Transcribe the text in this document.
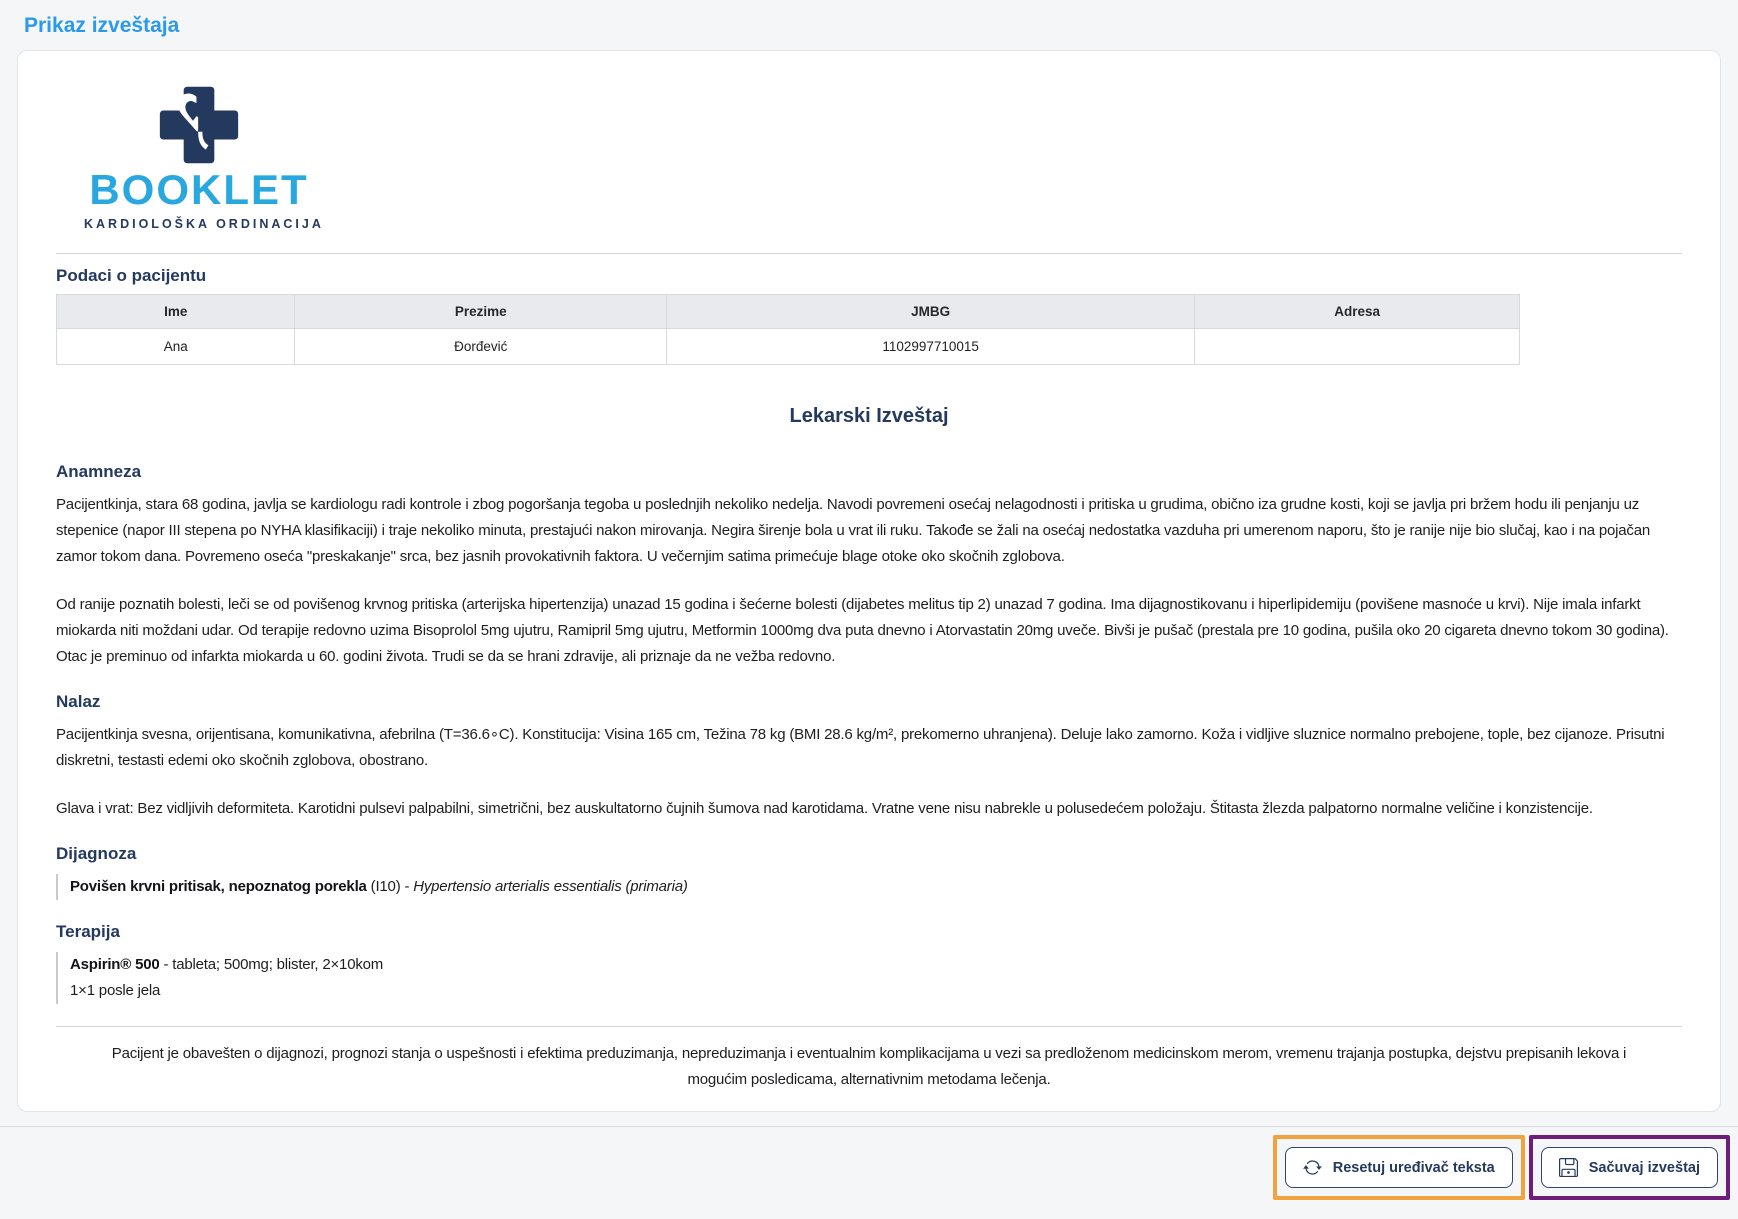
Prikaz izveštaja
BOOKLET
KARDIOLOŠKA ORDINACIJA
Podaci o pacijentu
Ime	Prezime	JMBG	Adresa
Ana	Đorđević	1102997710015	
Lekarski Izveštaj
Anamneza

Pacijentkinja, stara 68 godina, javlja se kardiologu radi kontrole i zbog pogoršanja tegoba u poslednjih nekoliko nedelja. Navodi povremeni osećaj nelagodnosti i pritiska u grudima, obično iza grudne kosti, koji se javlja pri bržem hodu ili penjanju uz stepenice (napor III stepena po NYHA klasifikaciji) i traje nekoliko minuta, prestajući nakon mirovanja. Negira širenje bola u vrat ili ruku. Takođe se žali na osećaj nedostatka vazduha pri umerenom naporu, što je ranije nije bio slučaj, kao i na pojačan zamor tokom dana. Povremeno oseća "preskakanje" srca, bez jasnih provokativnih faktora. U večernjim satima primećuje blage otoke oko skočnih zglobova.

Od ranije poznatih bolesti, leči se od povišenog krvnog pritiska (arterijska hipertenzija) unazad 15 godina i šećerne bolesti (dijabetes melitus tip 2) unazad 7 godina. Ima dijagnostikovanu i hiperlipidemiju (povišene masnoće u krvi). Nije imala infarkt miokarda niti moždani udar. Od terapije redovno uzima Bisoprolol 5mg ujutru, Ramipril 5mg ujutru, Metformin 1000mg dva puta dnevno i Atorvastatin 20mg uveče. Bivši je pušač (prestala pre 10 godina, pušila oko 20 cigareta dnevno tokom 30 godina). Otac je preminuo od infarkta miokarda u 60. godini života. Trudi se da se hrani zdravije, ali priznaje da ne vežba redovno.

Nalaz

Pacijentkinja svesna, orijentisana, komunikativna, afebrilna (T=36.6∘C). Konstitucija: Visina 165 cm, Težina 78 kg (BMI 28.6 kg/m², prekomerno uhranjena). Deluje lako zamorno. Koža i vidljive sluznice normalno prebojene, tople, bez cijanoze. Prisutni diskretni, testasti edemi oko skočnih zglobova, obostrano.

Glava i vrat: Bez vidljivih deformiteta. Karotidni pulsevi palpabilni, simetrični, bez auskultatorno čujnih šumova nad karotidama. Vratne vene nisu nabrekle u polusedećem položaju. Štitasta žlezda palpatorno normalne veličine i konzistencije.

Dijagnoza
Povišen krvni pritisak, nepoznatog porekla (I10) - Hypertensio arterialis essentialis (primaria)
Terapija
Aspirin® 500 - tableta; 500mg; blister, 2×10kom
1×1 posle jela

Pacijent je obavešten o dijagnozi, prognozi stanja o uspešnosti i efektima preduzimanja, nepreduzimanja i eventualnim komplikacijama u vezi sa predloženom medicinskom merom, vremenu trajanja postupka, dejstvu prepisanih lekova i mogućim posledicama, alternativnim metodama lečenja.

Resetuj uređivač teksta	Sačuvaj izveštaj
